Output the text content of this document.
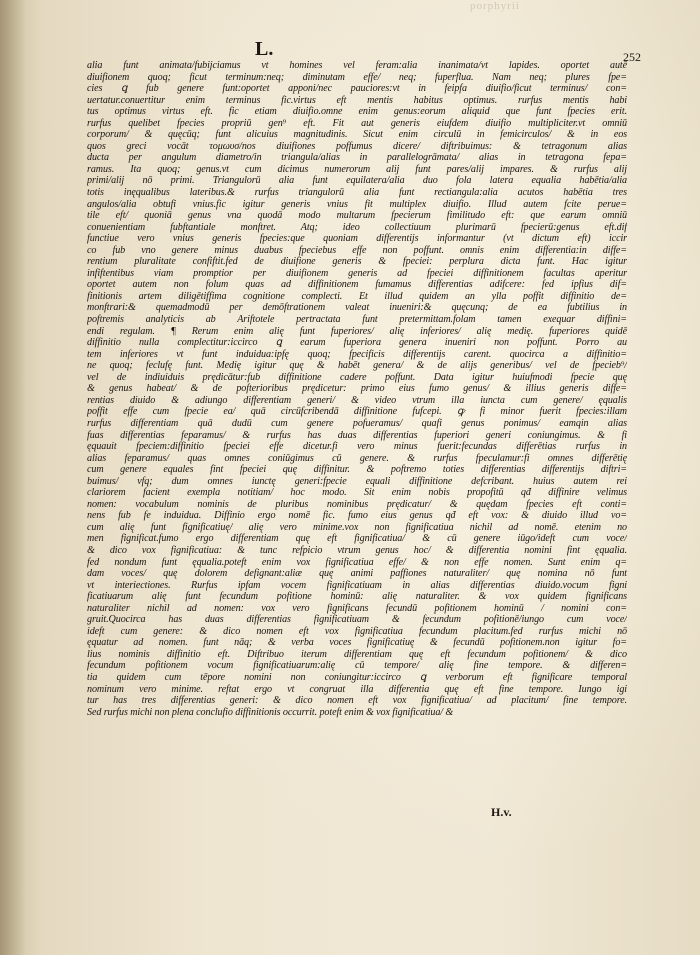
porphyrii
L.	252
alia funt animata/fubijciamus vt homines vel feram:alia inanimata/vt lapides. oportet autē
diuifionem quoq; ficut terminum:neq; diminutam effe/ neq; fuperflua. Nam neq; plures fpe=
cies ꝗ fub genere funt:oportet apponi/nec pauciores:vt in feipfa diuifio/ficut terminus/ con=
uertatur.conuertitur enim terminus fic.virtus eft mentis habitus optimus. rurfus mentis habi
tus optimus virtus eft. fic etiam diuifio.omne enim genus:eorum aliquid que funt fpecies erit.
rurfus quelibet fpecies propriū gen⁹ eft. Fit aut generis eiufdem diuifio multipliciter.vt omniū
corporum/ & quęcūq; funt alicuius magnitudinis. Sicut enim circulū in femicirculos/ & in eos
quos greci vocāt τομωυσ/nos diuifiones poffumus dicere/ diftribuimus: & tetragonum alias
ducta per angulum diametro/in triangula/alias in parallelogrāmata/ alias in tetragona fepa=
ramus. Ita quoq; genus.vt cum dicimus numerorum alij funt pares/alij impares. & rurfus alij
primi/alij nō primi. Triangulorū alia funt equilatera/alia duo fola latera equalia habētia/alia
totis inęqualibus lateribus.& rurfus triangulorū alia funt rectiangula:alia acutos habētia tres
angulos/alia obtufi vnius.fic igitur generis vnius fit multiplex diuifio. Illud autem fcite perue=
tile eft/ quoniā genus vna quodā modo multarum fpecierum fimilitudo eft: que earum omniū
conuenientiam fubftantiale monftret. Atq; ideo collectiuum plurimarū fpecierū:genus eft.dif
functiue vero vnius generis fpecies:que quoniam differentijs informantur (vt dictum eft) iccir
co fub vno genere minus duabus fpeciebus effe non poffunt. omnis enim differentia:in diffe=
rentium pluralitate confiftit.fed de diuifione generis & fpeciei: perplura dicta funt. Hac igitur
infiftentibus viam promptior per diuifionem generis ad fpeciei diffinitionem facultas aperitur
oportet autem non folum quas ad diffinitionem fumamus differentias adifcere: fed ipfius dif=
finitionis artem diligētiffima cognitione complecti. Et illud quidem an ylla poffit diffinitio de=
monftrari:& quemadmodū per demōftrationem valeat inueniri:& quęcunq; de ea fubtilius in
poftremis analyticis ab Ariftotele pertractata funt pretermittam.folam tamen exequar diffini=
endi regulam. ¶ Rerum enim alię funt fuperiores/ alię inferiores/ alię medię. fuperiores quidē
diffinitio nulla complectitur:iccirco ꝗ earum fuperiora genera inueniri non poffunt. Porro au
tem inferiores vt funt induidua:ipfę quoq; fpecificis differentijs carent. quocirca a diffinitio=
ne quoq; feclufę funt. Medię igitur quę & habēt genera/ & de alijs generibus/ vel de fpecieb⁹/
vel de indiuiduis prędicātur:fub diffinitione cadere poffunt. Data igitur huiufmodi fpecie quę
& genus habeat/ & de pofterioribus prędicetur: primo eius fumo genus/ & illius generis diffe=
rentias diuido & adiungo differentiam generi/ & video vtrum illa iuncta cum genere/ ęqualis
poffit effe cum fpecie ea/ quā circūfcribendā diffinitione fufcepi. ꝙ fi minor fuerit fpecies:illam
rurfus differentiam quā dudū cum genere pofueramus/ quafi genus ponimus/ eamqin alias
fuas differentias feparamus/ & rurfus has duas differentias fuperiori generi coniungimus. & fi
ęquauit fpeciem:diffinitio fpeciei effe dicetur.fi vero minus fuerit:fecundas differētias rurfus in
alias feparamus/ quas omnes coniūgimus cū genere. & rurfus fpeculamur:fi omnes differētię
cum genere equales fint fpeciei quę diffinitur. & poftremo toties differentias differentijs diftri=
buimus/ vfq; dum omnes iunctę generi:fpecie equali diffinitione defcribant. huius autem rei
clariorem facient exempla notitiam/ hoc modo. Sit enim nobis propofitū qđ diffinire velimus
nomen: vocabulum nominis de pluribus nominibus prędicatur/ & quędam fpecies eft conti=
nens fub fe induidua. Diffinio ergo nomē fic. fumo eius genus qđ eft vox: & diuido illud vo=
cum alię funt fignificatiuę/ alię vero minime.vox non fignificatiua nichil ad nomē. etenim no
men fignificat.fumo ergo differentiam quę eft fignificatiua/ & cū genere iūgo/ideft cum voce/
& dico vox fignificatiua: & tunc refpicio vtrum genus hoc/ & differentia nomini fint ęqualia.
fed nondum funt ęqualia.poteft enim vox fignificatiua effe/ & non effe nomen. Sunt enim q=
dam voces/ quę dolorem defignant:aliæ quę animi paffiones naturaliter/ quę nomina nō funt
vt interiectiones. Rurfus ipfam vocem fignificatiuam in alias differentias diuido.vocum figni
ficatiuarum alię funt fecundum pofitione hominū: alię naturaliter. & vox quidem fignificans
naturaliter nichil ad nomen: vox vero fignificans fecundū pofitionem hominū / nomini con=
gruit.Quocirca has duas differentias fignificatiuam & fecundum pofitionē/iungo cum voce/
ideft cum genere: & dico nomen eft vox fignificatiua fecundum placitum.fed rurfus michi nō
ęquatur ad nomen. funt nāq; & verba voces fignificatiuę & fecundū pofitionem.non igitur fo=
lius nominis diffinitio eft. Diftribuo iterum differentiam quę eft fecundum pofitionem/ & dico
fecundum pofitionem vocum fignificatiuarum:alię cū tempore/ alię fine tempore. & differen=
tia quidem cum tēpore nomini non coniungitur:iccirco ꝗ verborum eft fignificare temporal
nominum vero minime. reftat ergo vt congruat illa differentia quę eft fine tempore. Iungo igi
tur has tres differentias generi: & dico nomen eft vox fignificatiua/ ad placitum/ fine tempore.
Sed rurfus michi non plena conclufio diffinitionis occurrit. poteft enim & vox fignificatiua/ &
H.v.
